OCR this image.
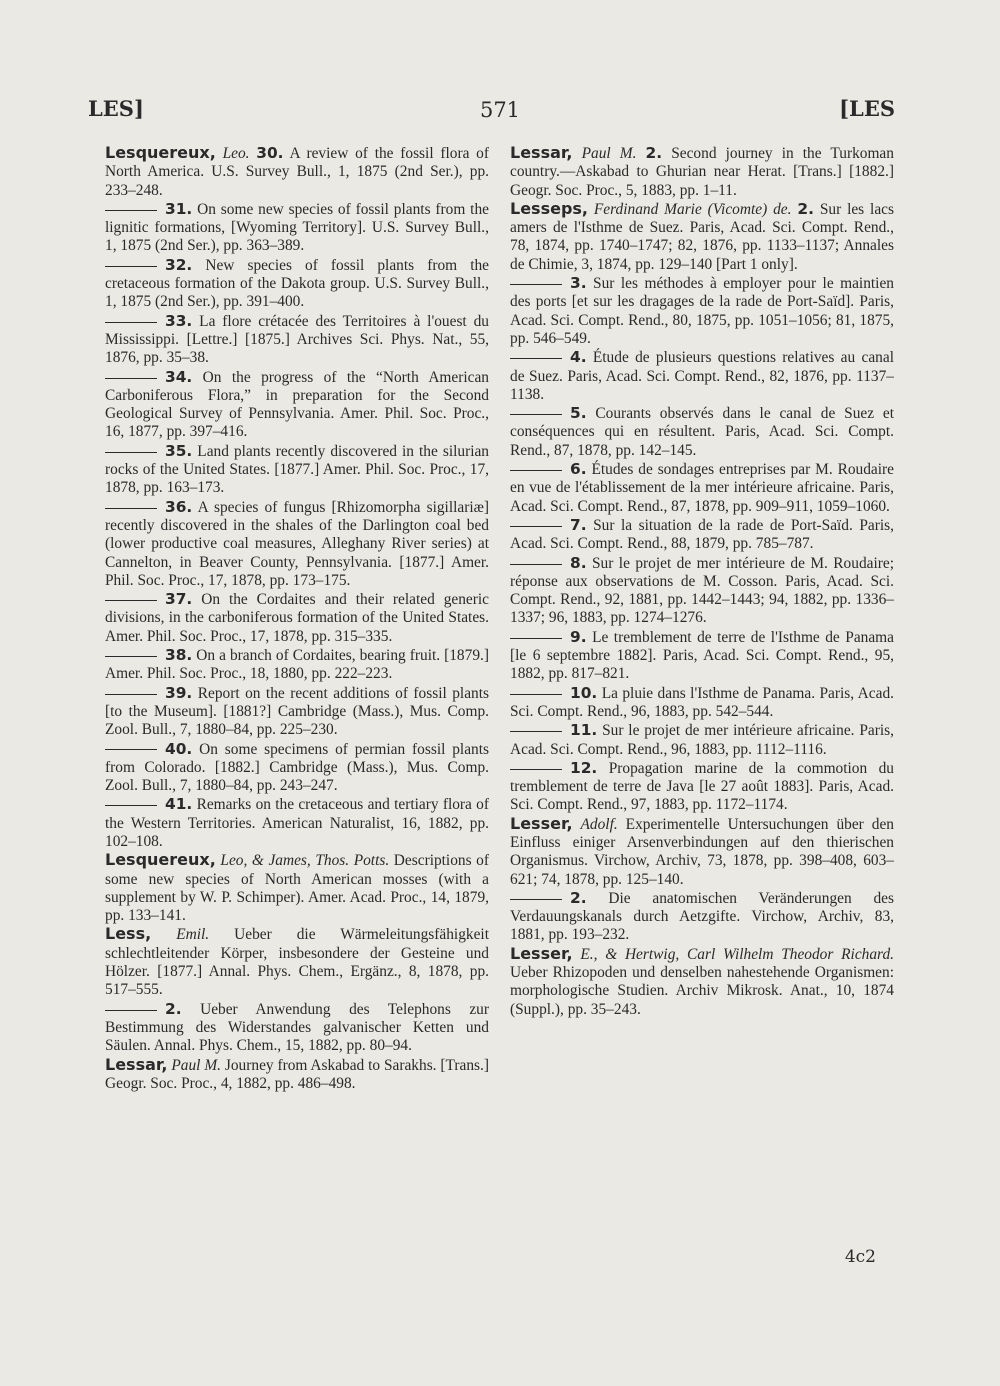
LES]	571	[LES

Lesquereux, Leo. 30. A review of the fossil flora of North America. U.S. Survey Bull., 1, 1875 (2nd Ser.), pp. 233–248.

31. On some new species of fossil plants from the lignitic formations, [Wyoming Territory]. U.S. Survey Bull., 1, 1875 (2nd Ser.), pp. 363–389.

32. New species of fossil plants from the cretaceous formation of the Dakota group. U.S. Survey Bull., 1, 1875 (2nd Ser.), pp. 391–400.

33. La flore crétacée des Territoires à l'ouest du Mississippi. [Lettre.] [1875.] Archives Sci. Phys. Nat., 55, 1876, pp. 35–38.

34. On the progress of the “North American Carboniferous Flora,” in preparation for the Second Geological Survey of Pennsylvania. Amer. Phil. Soc. Proc., 16, 1877, pp. 397–416.

35. Land plants recently discovered in the silurian rocks of the United States. [1877.] Amer. Phil. Soc. Proc., 17, 1878, pp. 163–173.

36. A species of fungus [Rhizomorpha sigillariæ] recently discovered in the shales of the Darlington coal bed (lower productive coal measures, Alleghany River series) at Cannelton, in Beaver County, Pennsylvania. [1877.] Amer. Phil. Soc. Proc., 17, 1878, pp. 173–175.

37. On the Cordaites and their related generic divisions, in the carboniferous formation of the United States. Amer. Phil. Soc. Proc., 17, 1878, pp. 315–335.

38. On a branch of Cordaites, bearing fruit. [1879.] Amer. Phil. Soc. Proc., 18, 1880, pp. 222–223.

39. Report on the recent additions of fossil plants [to the Museum]. [1881?] Cambridge (Mass.), Mus. Comp. Zool. Bull., 7, 1880–84, pp. 225–230.

40. On some specimens of permian fossil plants from Colorado. [1882.] Cambridge (Mass.), Mus. Comp. Zool. Bull., 7, 1880–84, pp. 243–247.

41. Remarks on the cretaceous and tertiary flora of the Western Territories. American Naturalist, 16, 1882, pp. 102–108.

Lesquereux, Leo, & James, Thos. Potts. Descriptions of some new species of North American mosses (with a supplement by W. P. Schimper). Amer. Acad. Proc., 14, 1879, pp. 133–141.

Less, Emil. Ueber die Wärmeleitungsfähigkeit schlechtleitender Körper, insbesondere der Gesteine und Hölzer. [1877.] Annal. Phys. Chem., Ergänz., 8, 1878, pp. 517–555.

2. Ueber Anwendung des Telephons zur Bestimmung des Widerstandes galvanischer Ketten und Säulen. Annal. Phys. Chem., 15, 1882, pp. 80–94.

Lessar, Paul M. Journey from Askabad to Sarakhs. [Trans.] Geogr. Soc. Proc., 4, 1882, pp. 486–498.

Lessar, Paul M. 2. Second journey in the Turkoman country.—Askabad to Ghurian near Herat. [Trans.] [1882.] Geogr. Soc. Proc., 5, 1883, pp. 1–11.

Lesseps, Ferdinand Marie (Vicomte) de. 2. Sur les lacs amers de l'Isthme de Suez. Paris, Acad. Sci. Compt. Rend., 78, 1874, pp. 1740–1747; 82, 1876, pp. 1133–1137; Annales de Chimie, 3, 1874, pp. 129–140 [Part 1 only].

3. Sur les méthodes à employer pour le maintien des ports [et sur les dragages de la rade de Port-Saïd]. Paris, Acad. Sci. Compt. Rend., 80, 1875, pp. 1051–1056; 81, 1875, pp. 546–549.

4. Étude de plusieurs questions relatives au canal de Suez. Paris, Acad. Sci. Compt. Rend., 82, 1876, pp. 1137–1138.

5. Courants observés dans le canal de Suez et conséquences qui en résultent. Paris, Acad. Sci. Compt. Rend., 87, 1878, pp. 142–145.

6. Études de sondages entreprises par M. Roudaire en vue de l'établissement de la mer intérieure africaine. Paris, Acad. Sci. Compt. Rend., 87, 1878, pp. 909–911, 1059–1060.

7. Sur la situation de la rade de Port-Saïd. Paris, Acad. Sci. Compt. Rend., 88, 1879, pp. 785–787.

8. Sur le projet de mer intérieure de M. Roudaire; réponse aux observations de M. Cosson. Paris, Acad. Sci. Compt. Rend., 92, 1881, pp. 1442–1443; 94, 1882, pp. 1336–1337; 96, 1883, pp. 1274–1276.

9. Le tremblement de terre de l'Isthme de Panama [le 6 septembre 1882]. Paris, Acad. Sci. Compt. Rend., 95, 1882, pp. 817–821.

10. La pluie dans l'Isthme de Panama. Paris, Acad. Sci. Compt. Rend., 96, 1883, pp. 542–544.

11. Sur le projet de mer intérieure africaine. Paris, Acad. Sci. Compt. Rend., 96, 1883, pp. 1112–1116.

12. Propagation marine de la commotion du tremblement de terre de Java [le 27 août 1883]. Paris, Acad. Sci. Compt. Rend., 97, 1883, pp. 1172–1174.

Lesser, Adolf. Experimentelle Untersuchungen über den Einfluss einiger Arsenverbindungen auf den thierischen Organismus. Virchow, Archiv, 73, 1878, pp. 398–408, 603–621; 74, 1878, pp. 125–140.

2. Die anatomischen Veränderungen des Verdauungskanals durch Aetzgifte. Virchow, Archiv, 83, 1881, pp. 193–232.

Lesser, E., & Hertwig, Carl Wilhelm Theodor Richard. Ueber Rhizopoden und denselben nahestehende Organismen: morphologische Studien. Archiv Mikrosk. Anat., 10, 1874 (Suppl.), pp. 35–243.

4c2
